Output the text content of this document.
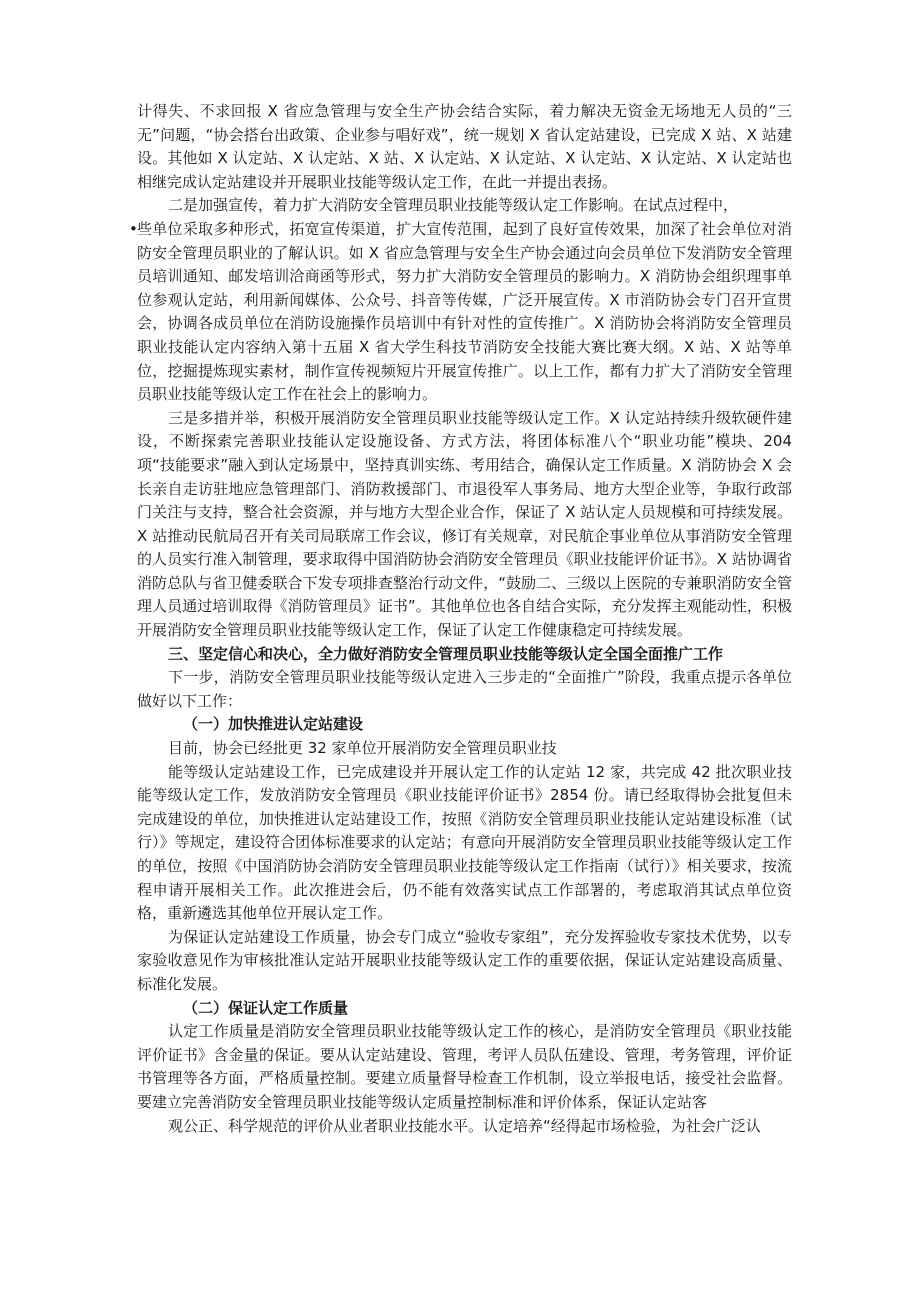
计得失、不求回报 X 省应急管理与安全生产协会结合实际，着力解决无资金无场地无人员的“三无”问题，“协会搭台出政策、企业参与唱好戏”，统一规划 X 省认定站建设，已完成 X 站、X 站建设。其他如 X 认定站、X 认定站、X 站、X 认定站、X 认定站、X 认定站、X 认定站、X 认定站也相继完成认定站建设并开展职业技能等级认定工作，在此一并提出表扬。

二是加强宣传，着力扩大消防安全管理员职业技能等级认定工作影响。在试点过程中，

• 些单位采取多种形式，拓宽宣传渠道，扩大宣传范围，起到了良好宣传效果，加深了社会单位对消防安全管理员职业的了解认识。如 X 省应急管理与安全生产协会通过向会员单位下发消防安全管理员培训通知、邮发培训洽商函等形式，努力扩大消防安全管理员的影响力。X 消防协会组织理事单位参观认定站，利用新闻媒体、公众号、抖音等传媒，广泛开展宣传。X 市消防协会专门召开宣贯会，协调各成员单位在消防设施操作员培训中有针对性的宣传推广。X 消防协会将消防安全管理员职业技能认定内容纳入第十五届 X 省大学生科技节消防安全技能大赛比赛大纲。X 站、X 站等单位，挖掘提炼现实素材，制作宣传视频短片开展宣传推广。以上工作，都有力扩大了消防安全管理员职业技能等级认定工作在社会上的影响力。

三是多措并举，积极开展消防安全管理员职业技能等级认定工作。X 认定站持续升级软硬件建设，不断探索完善职业技能认定设施设备、方式方法，将团体标准八个“职业功能”模块、204 项“技能要求”融入到认定场景中，坚持真训实练、考用结合，确保认定工作质量。X 消防协会 X 会长亲自走访驻地应急管理部门、消防救援部门、市退役军人事务局、地方大型企业等，争取行政部门关注与支持，整合社会资源，并与地方大型企业合作，保证了 X 站认定人员规模和可持续发展。X 站推动民航局召开有关司局联席工作会议，修订有关规章，对民航企事业单位从事消防安全管理的人员实行准入制管理，要求取得中国消防协会消防安全管理员《职业技能评价证书》。X 站协调省消防总队与省卫健委联合下发专项排查整治行动文件，“鼓励二、三级以上医院的专兼职消防安全管理人员通过培训取得《消防管理员》证书”。其他单位也各自结合实际，充分发挥主观能动性，积极开展消防安全管理员职业技能等级认定工作，保证了认定工作健康稳定可持续发展。

三、坚定信心和决心，全力做好消防安全管理员职业技能等级认定全国全面推广工作

下一步，消防安全管理员职业技能等级认定进入三步走的“全面推广”阶段，我重点提示各单位做好以下工作：

（一）加快推进认定站建设

目前，协会已经批更 32 家单位开展消防安全管理员职业技

能等级认定站建设工作，已完成建设并开展认定工作的认定站 12 家，共完成 42 批次职业技能等级认定工作，发放消防安全管理员《职业技能评价证书》2854 份。请已经取得协会批复但未完成建设的单位，加快推进认定站建设工作，按照《消防安全管理员职业技能认定站建设标准（试行）》等规定，建设符合团体标准要求的认定站；有意向开展消防安全管理员职业技能等级认定工作的单位，按照《中国消防协会消防安全管理员职业技能等级认定工作指南（试行）》相关要求，按流程申请开展相关工作。此次推进会后，仍不能有效落实试点工作部署的，考虑取消其试点单位资格，重新遴选其他单位开展认定工作。

为保证认定站建设工作质量，协会专门成立“验收专家组”，充分发挥验收专家技术优势，以专家验收意见作为审核批准认定站开展职业技能等级认定工作的重要依据，保证认定站建设高质量、标准化发展。

（二）保证认定工作质量

认定工作质量是消防安全管理员职业技能等级认定工作的核心，是消防安全管理员《职业技能评价证书》含金量的保证。要从认定站建设、管理，考评人员队伍建设、管理，考务管理，评价证书管理等各方面，严格质量控制。要建立质量督导检查工作机制，设立举报电话，接受社会监督。要建立完善消防安全管理员职业技能等级认定质量控制标准和评价体系，保证认定站客

观公正、科学规范的评价从业者职业技能水平。认定培养“经得起市场检验，为社会广泛认
